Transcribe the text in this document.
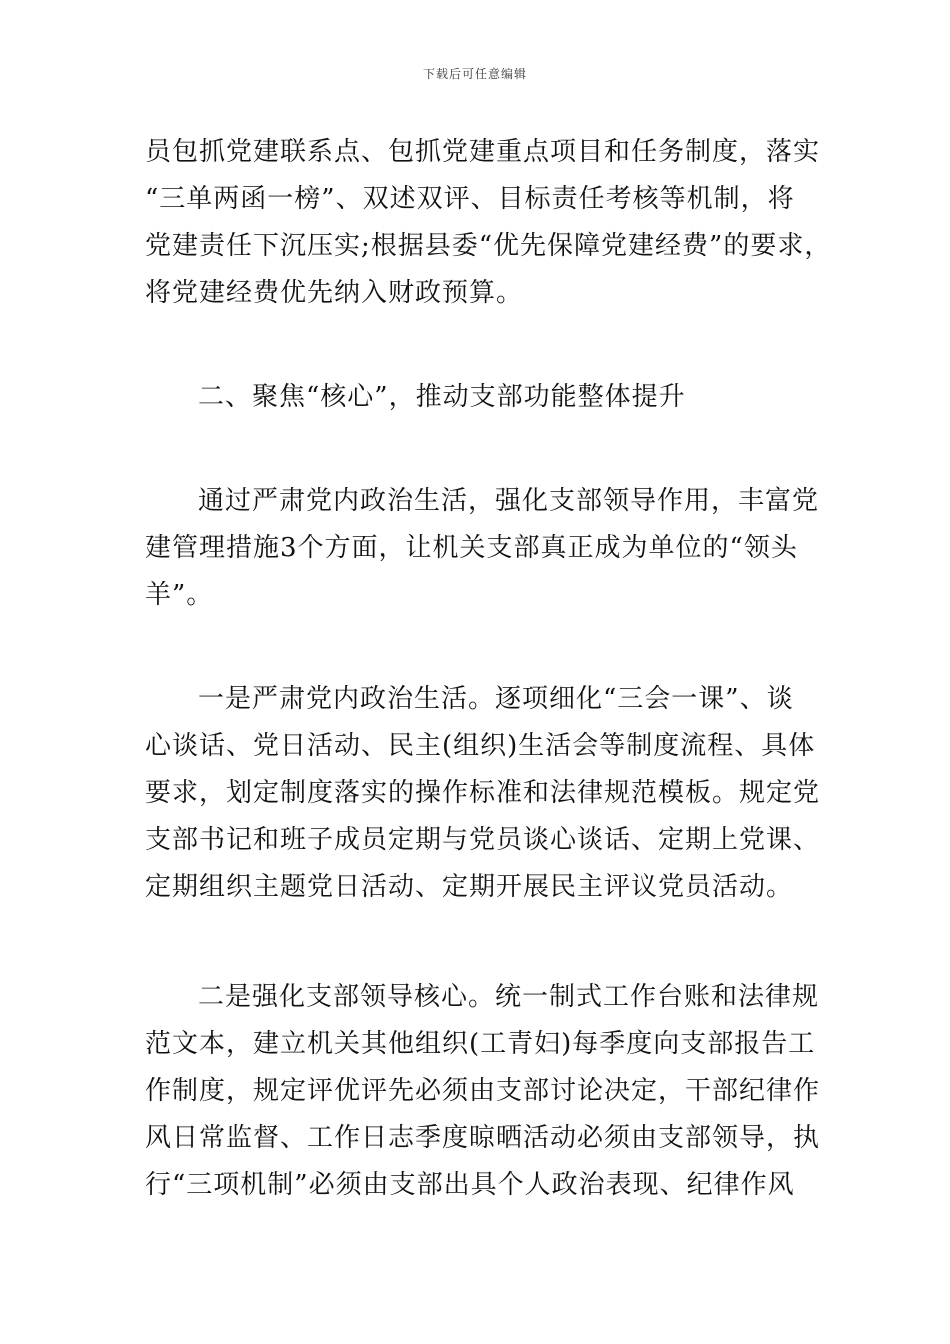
下载后可任意编辑
员包抓党建联系点、包抓党建重点项目和任务制度，落实
“三单两函一榜”、双述双评、目标责任考核等机制，将
党建责任下沉压实;根据县委“优先保障党建经费”的要求，
将党建经费优先纳入财政预算。
　二、聚焦“核心”，推动支部功能整体提升
　通过严肃党内政治生活，强化支部领导作用，丰富党
建管理措施3个方面，让机关支部真正成为单位的“领头
羊”。
　一是严肃党内政治生活。逐项细化“三会一课”、谈
心谈话、党日活动、民主(组织)生活会等制度流程、具体
要求，划定制度落实的操作标准和法律规范模板。规定党
支部书记和班子成员定期与党员谈心谈话、定期上党课、
定期组织主题党日活动、定期开展民主评议党员活动。
　二是强化支部领导核心。统一制式工作台账和法律规
范文本，建立机关其他组织(工青妇)每季度向支部报告工
作制度，规定评优评先必须由支部讨论决定，干部纪律作
风日常监督、工作日志季度晾晒活动必须由支部领导，执
行“三项机制”必须由支部出具个人政治表现、纪律作风
